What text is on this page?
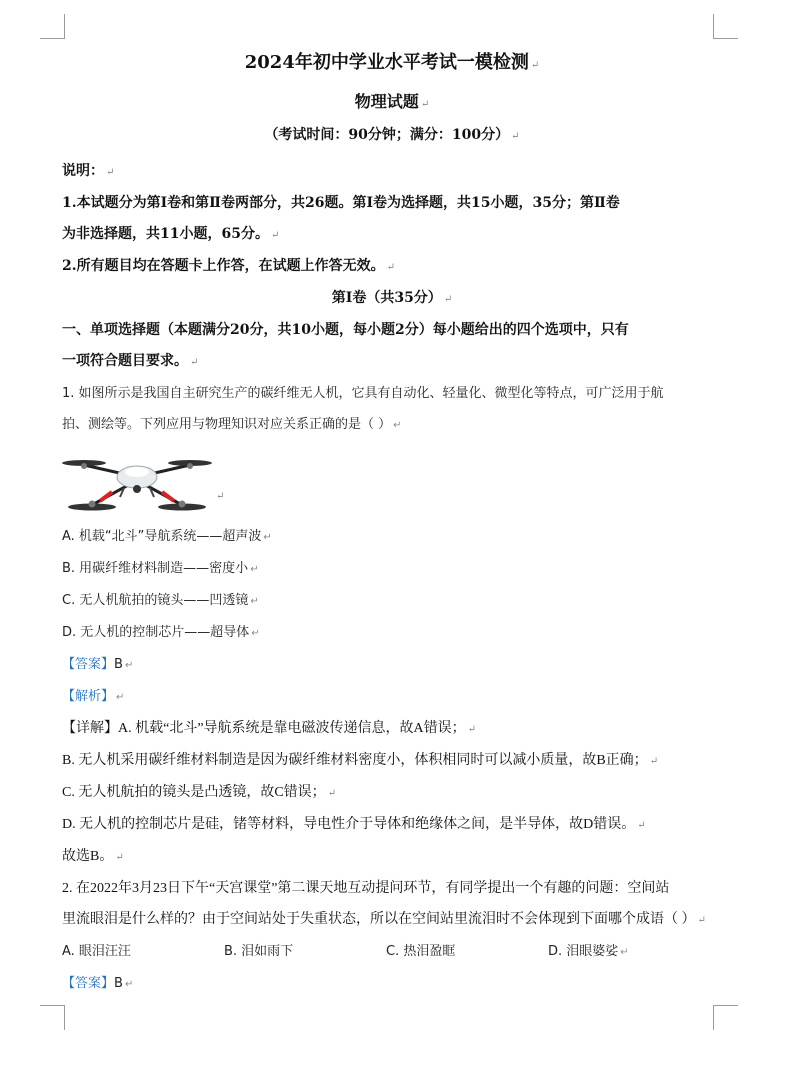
2024年初中学业水平考试一模检测 ↵
物理试题 ↵
（考试时间：90分钟；满分：100分） ↵
说明： ↵
1.本试题分为第Ⅰ卷和第Ⅱ卷两部分，共26题。第Ⅰ卷为选择题，共15小题，35分；第Ⅱ卷
为非选择题，共11小题，65分。 ↵
2.所有题目均在答题卡上作答，在试题上作答无效。 ↵
第Ⅰ卷（共35分） ↵
一、单项选择题（本题满分20分，共10小题，每小题2分）每小题给出的四个选项中，只有
一项符合题目要求。 ↵
1. 如图所示是我国自主研究生产的碳纤维无人机，它具有自动化、轻量化、微型化等特点，可广泛用于航
拍、测绘等。下列应用与物理知识对应关系正确的是（ ） ↵
↵
A. 机载“北斗”导航系统——超声波 ↵
B. 用碳纤维材料制造——密度小 ↵
C. 无人机航拍的镜头——凹透镜 ↵
D. 无人机的控制芯片——超导体 ↵
【答案】B ↵
【解析】 ↵
【详解】A. 机载“北斗”导航系统是靠电磁波传递信息，故A错误； ↵
B. 无人机采用碳纤维材料制造是因为碳纤维材料密度小，体积相同时可以减小质量，故B正确； ↵
C. 无人机航拍的镜头是凸透镜，故C错误； ↵
D. 无人机的控制芯片是硅，锗等材料，导电性介于导体和绝缘体之间，是半导体，故D错误。 ↵
故选B。 ↵
2. 在2022年3月23日下午“天宫课堂”第二课天地互动提问环节，有同学提出一个有趣的问题：空间站
里流眼泪是什么样的？由于空间站处于失重状态，所以在空间站里流泪时不会体现到下面哪个成语（ ） ↵
A. 眼泪汪汪	B. 泪如雨下	C. 热泪盈眶	D. 泪眼婆娑 ↵
【答案】B ↵
